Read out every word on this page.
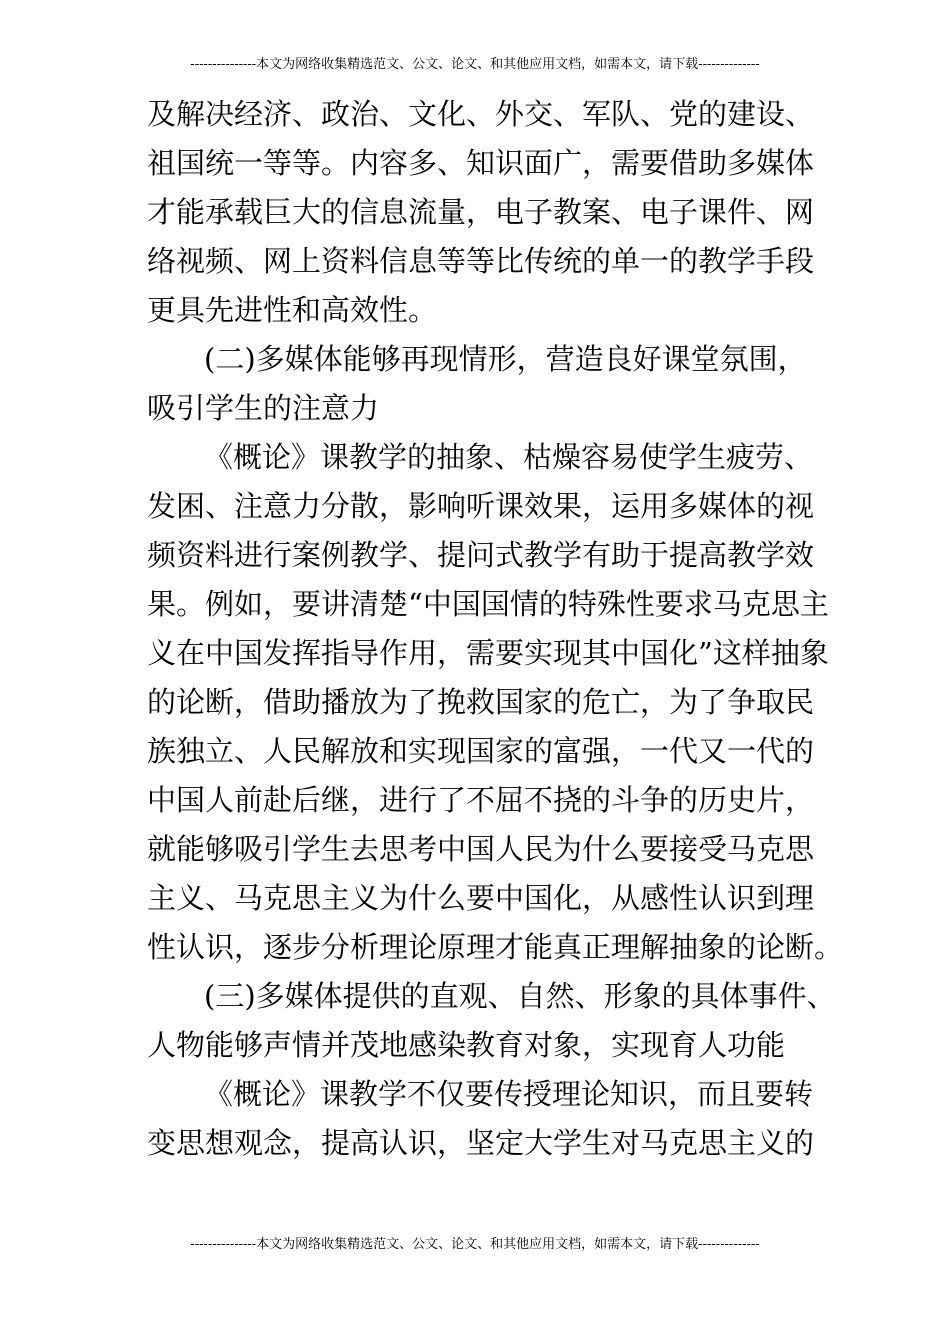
---------------本文为网络收集精选范文、公文、论文、和其他应用文档，如需本文，请下载--------------
及解决经济、政治、文化、外交、军队、党的建设、
祖国统一等等。内容多、知识面广，需要借助多媒体
才能承载巨大的信息流量，电子教案、电子课件、网
络视频、网上资料信息等等比传统的单一的教学手段
更具先进性和高效性。
(二)多媒体能够再现情形，营造良好课堂氛围，
吸引学生的注意力
《概论》课教学的抽象、枯燥容易使学生疲劳、
发困、注意力分散，影响听课效果，运用多媒体的视
频资料进行案例教学、提问式教学有助于提高教学效
果。例如，要讲清楚“中国国情的特殊性要求马克思主
义在中国发挥指导作用，需要实现其中国化”这样抽象
的论断，借助播放为了挽救国家的危亡，为了争取民
族独立、人民解放和实现国家的富强，一代又一代的
中国人前赴后继，进行了不屈不挠的斗争的历史片，
就能够吸引学生去思考中国人民为什么要接受马克思
主义、马克思主义为什么要中国化，从感性认识到理
性认识，逐步分析理论原理才能真正理解抽象的论断。
(三)多媒体提供的直观、自然、形象的具体事件、
人物能够声情并茂地感染教育对象，实现育人功能
《概论》课教学不仅要传授理论知识，而且要转
变思想观念，提高认识，坚定大学生对马克思主义的
---------------本文为网络收集精选范文、公文、论文、和其他应用文档，如需本文，请下载--------------
